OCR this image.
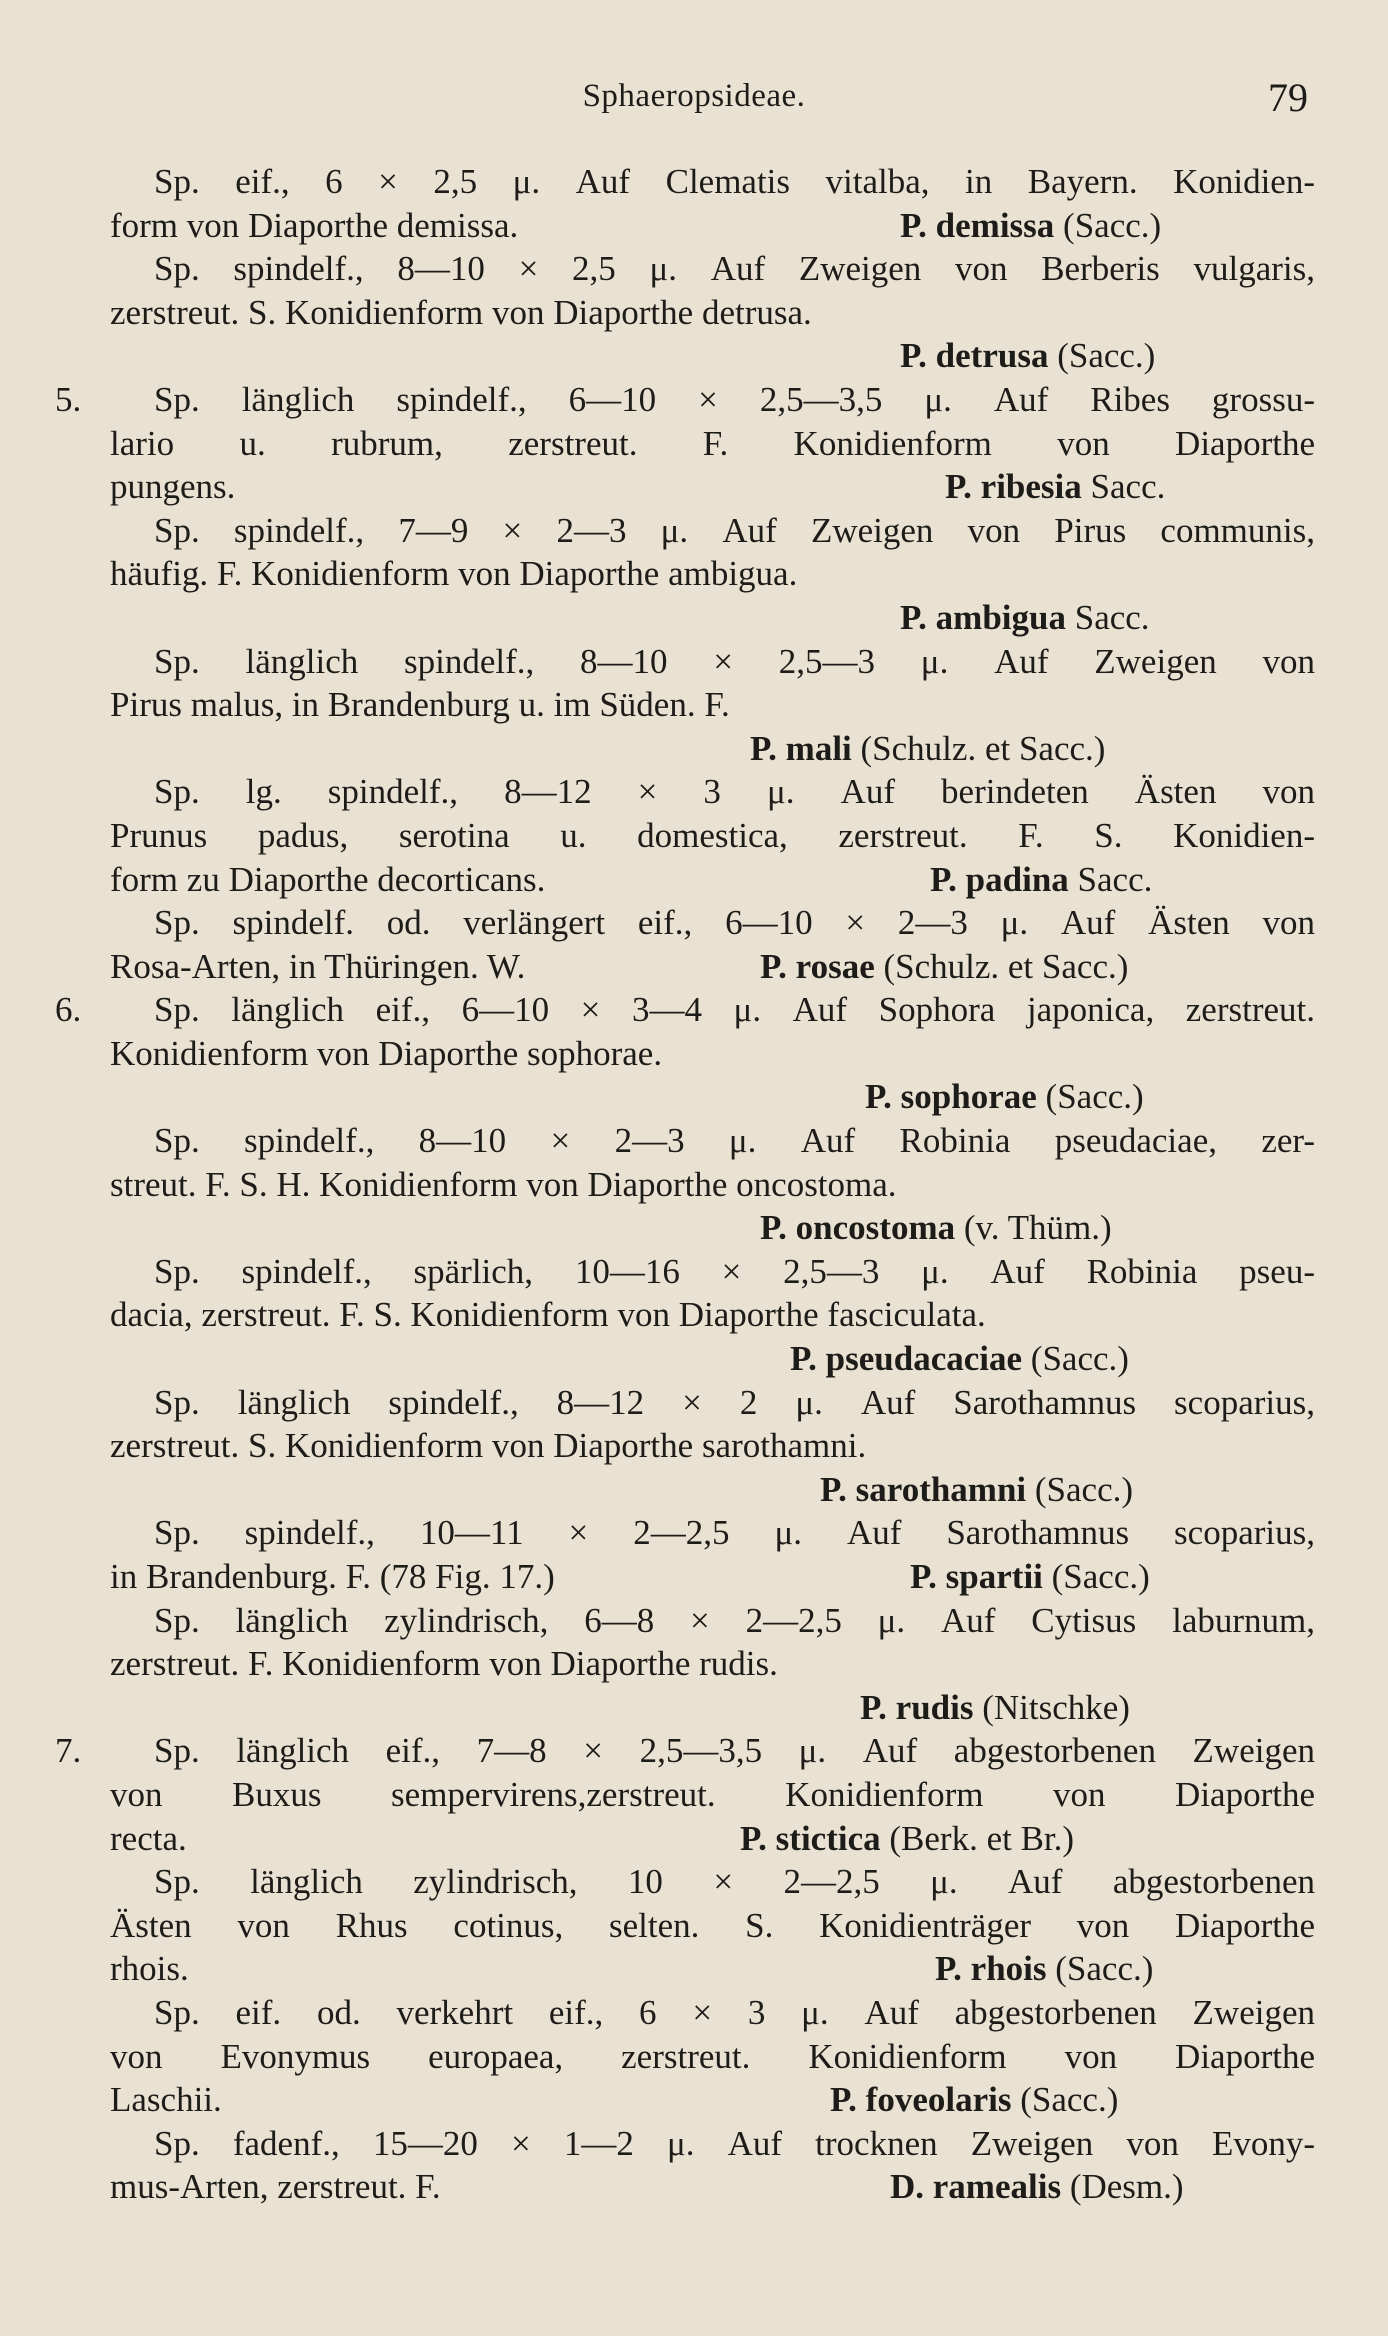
Sphaeropsideae.	79
Sp. eif., 6 × 2,5 μ. Auf Clematis vitalba, in Bayern. Konidien-
form von Diaporthe demissa.	P. demissa (Sacc.)
Sp. spindelf., 8—10 × 2,5 μ. Auf Zweigen von Berberis vulgaris,
zerstreut. S. Konidienform von Diaporthe detrusa.
P. detrusa (Sacc.)
Sp. länglich spindelf., 6—10 × 2,5—3,5 μ. Auf Ribes grossu-
5.
lario u. rubrum, zerstreut. F. Konidienform von Diaporthe
pungens.	P. ribesia Sacc.
Sp. spindelf., 7—9 × 2—3 μ. Auf Zweigen von Pirus communis,
häufig. F. Konidienform von Diaporthe ambigua.
P. ambigua Sacc.
Sp. länglich spindelf., 8—10 × 2,5—3 μ. Auf Zweigen von
Pirus malus, in Brandenburg u. im Süden. F.
P. mali (Schulz. et Sacc.)
Sp. lg. spindelf., 8—12 × 3 μ. Auf berindeten Ästen von
Prunus padus, serotina u. domestica, zerstreut. F. S. Konidien-
form zu Diaporthe decorticans.	P. padina Sacc.
Sp. spindelf. od. verlängert eif., 6—10 × 2—3 μ. Auf Ästen von
Rosa-Arten, in Thüringen. W.	P. rosae (Schulz. et Sacc.)
Sp. länglich eif., 6—10 × 3—4 μ. Auf Sophora japonica, zerstreut.
6.
Konidienform von Diaporthe sophorae.
P. sophorae (Sacc.)
Sp. spindelf., 8—10 × 2—3 μ. Auf Robinia pseudaciae, zer-
streut. F. S. H. Konidienform von Diaporthe oncostoma.
P. oncostoma (v. Thüm.)
Sp. spindelf., spärlich, 10—16 × 2,5—3 μ. Auf Robinia pseu-
dacia, zerstreut. F. S. Konidienform von Diaporthe fasciculata.
P. pseudacaciae (Sacc.)
Sp. länglich spindelf., 8—12 × 2 μ. Auf Sarothamnus scoparius,
zerstreut. S. Konidienform von Diaporthe sarothamni.
P. sarothamni (Sacc.)
Sp. spindelf., 10—11 × 2—2,5 μ. Auf Sarothamnus scoparius,
in Brandenburg. F. (78 Fig. 17.)	P. spartii (Sacc.)
Sp. länglich zylindrisch, 6—8 × 2—2,5 μ. Auf Cytisus laburnum,
zerstreut. F. Konidienform von Diaporthe rudis.
P. rudis (Nitschke)
Sp. länglich eif., 7—8 × 2,5—3,5 μ. Auf abgestorbenen Zweigen
7.
von Buxus sempervirens,zerstreut. Konidienform von Diaporthe
recta.	P. stictica (Berk. et Br.)
Sp. länglich zylindrisch, 10 × 2—2,5 μ. Auf abgestorbenen
Ästen von Rhus cotinus, selten. S. Konidienträger von Diaporthe
rhois.	P. rhois (Sacc.)
Sp. eif. od. verkehrt eif., 6 × 3 μ. Auf abgestorbenen Zweigen
von Evonymus europaea, zerstreut. Konidienform von Diaporthe
Laschii.	P. foveolaris (Sacc.)
Sp. fadenf., 15—20 × 1—2 μ. Auf trocknen Zweigen von Evony-
mus-Arten, zerstreut. F.	D. ramealis (Desm.)
